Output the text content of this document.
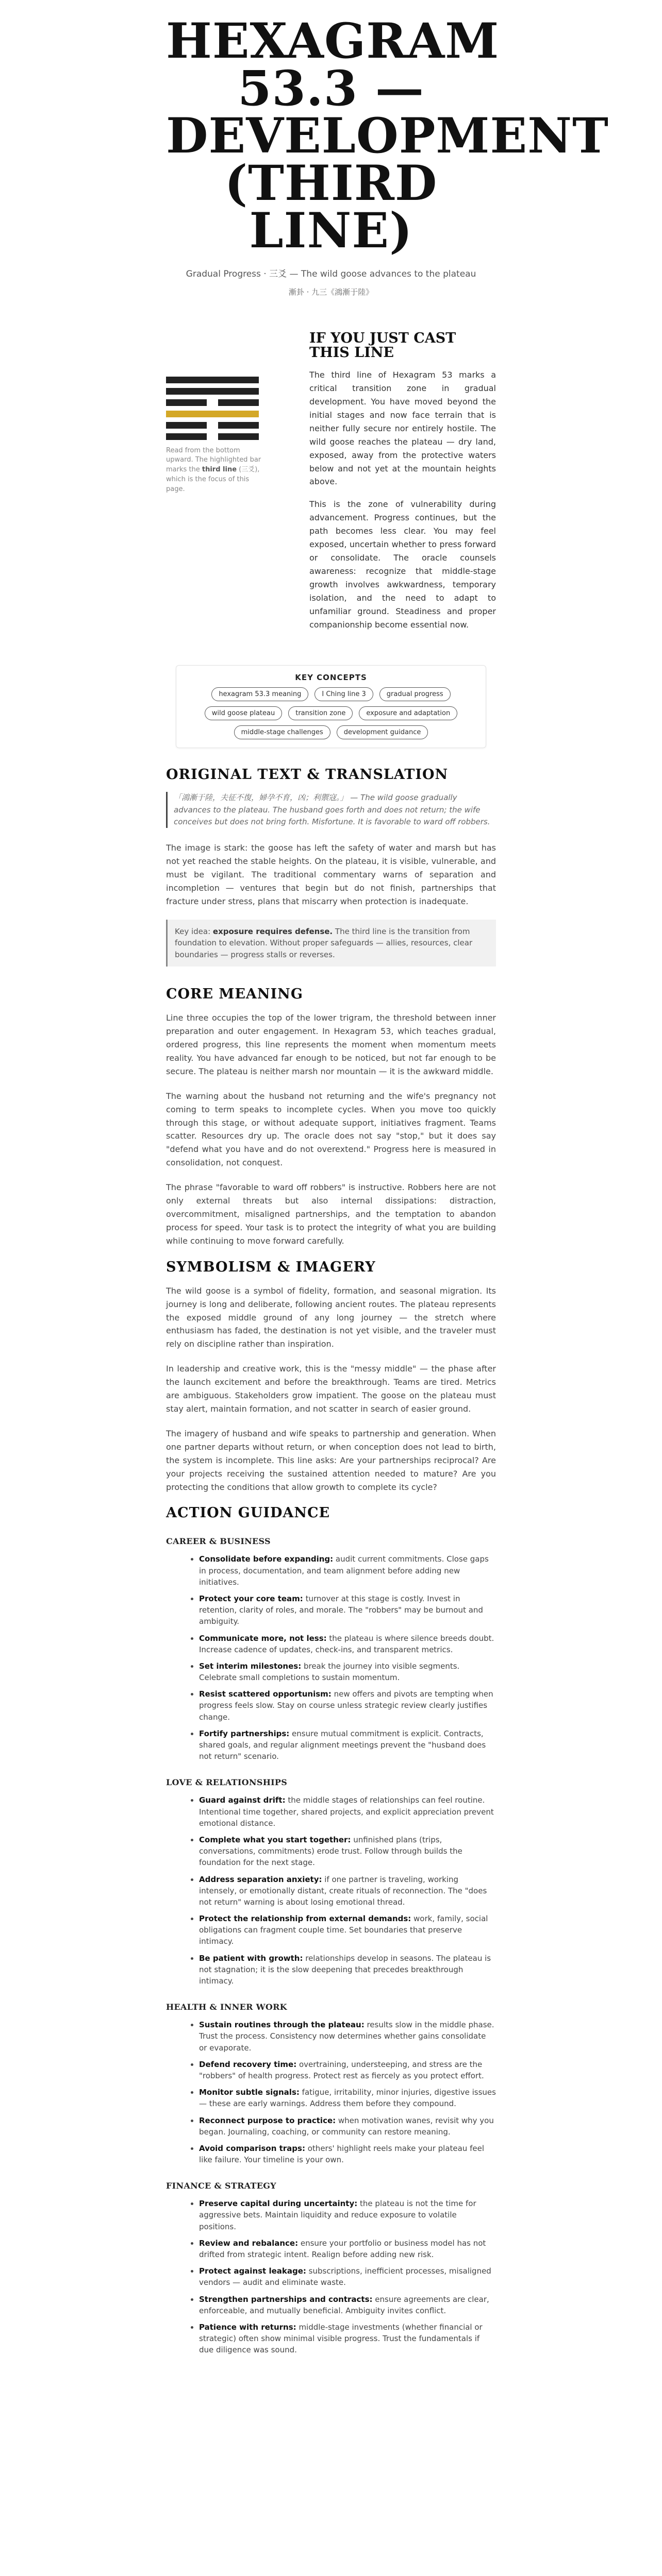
HEXAGRAM 53.3 — DEVELOPMENT (THIRD LINE)
Gradual Progress · 三爻 — The wild goose advances to the plateau
漸卦 · 九三《鴻漸于陸》
Read from the bottom upward. The highlighted bar marks the third line (三爻), which is the focus of this page.
IF YOU JUST CAST THIS LINE

The third line of Hexagram 53 marks a critical transition zone in gradual development. You have moved beyond the initial stages and now face terrain that is neither fully secure nor entirely hostile. The wild goose reaches the plateau — dry land, exposed, away from the protective waters below and not yet at the mountain heights above.

This is the zone of vulnerability during advancement. Progress continues, but the path becomes less clear. You may feel exposed, uncertain whether to press forward or consolidate. The oracle counsels awareness: recognize that middle-stage growth involves awkwardness, temporary isolation, and the need to adapt to unfamiliar ground. Steadiness and proper companionship become essential now.

KEY CONCEPTS
hexagram 53.3 meaning	I Ching line 3	gradual progress
wild goose plateau	transition zone	exposure and adaptation
middle-stage challenges	development guidance
ORIGINAL TEXT & TRANSLATION
「鴻漸于陸，夫征不復，婦孕不育，凶；利禦寇。」 — The wild goose gradually advances to the plateau. The husband goes forth and does not return; the wife conceives but does not bring forth. Misfortune. It is favorable to ward off robbers.

The image is stark: the goose has left the safety of water and marsh but has not yet reached the stable heights. On the plateau, it is visible, vulnerable, and must be vigilant. The traditional commentary warns of separation and incompletion — ventures that begin but do not finish, partnerships that fracture under stress, plans that miscarry when protection is inadequate.

Key idea: exposure requires defense. The third line is the transition from foundation to elevation. Without proper safeguards — allies, resources, clear boundaries — progress stalls or reverses.
CORE MEANING

Line three occupies the top of the lower trigram, the threshold between inner preparation and outer engagement. In Hexagram 53, which teaches gradual, ordered progress, this line represents the moment when momentum meets reality. You have advanced far enough to be noticed, but not far enough to be secure. The plateau is neither marsh nor mountain — it is the awkward middle.

The warning about the husband not returning and the wife's pregnancy not coming to term speaks to incomplete cycles. When you move too quickly through this stage, or without adequate support, initiatives fragment. Teams scatter. Resources dry up. The oracle does not say "stop," but it does say "defend what you have and do not overextend." Progress here is measured in consolidation, not conquest.

The phrase "favorable to ward off robbers" is instructive. Robbers here are not only external threats but also internal dissipations: distraction, overcommitment, misaligned partnerships, and the temptation to abandon process for speed. Your task is to protect the integrity of what you are building while continuing to move forward carefully.

SYMBOLISM & IMAGERY

The wild goose is a symbol of fidelity, formation, and seasonal migration. Its journey is long and deliberate, following ancient routes. The plateau represents the exposed middle ground of any long journey — the stretch where enthusiasm has faded, the destination is not yet visible, and the traveler must rely on discipline rather than inspiration.

In leadership and creative work, this is the "messy middle" — the phase after the launch excitement and before the breakthrough. Teams are tired. Metrics are ambiguous. Stakeholders grow impatient. The goose on the plateau must stay alert, maintain formation, and not scatter in search of easier ground.

The imagery of husband and wife speaks to partnership and generation. When one partner departs without return, or when conception does not lead to birth, the system is incomplete. This line asks: Are your partnerships reciprocal? Are your projects receiving the sustained attention needed to mature? Are you protecting the conditions that allow growth to complete its cycle?

ACTION GUIDANCE
CAREER & BUSINESS
• Consolidate before expanding: audit current commitments. Close gaps in process, documentation, and team alignment before adding new initiatives.
• Protect your core team: turnover at this stage is costly. Invest in retention, clarity of roles, and morale. The "robbers" may be burnout and ambiguity.
• Communicate more, not less: the plateau is where silence breeds doubt. Increase cadence of updates, check-ins, and transparent metrics.
• Set interim milestones: break the journey into visible segments. Celebrate small completions to sustain momentum.
• Resist scattered opportunism: new offers and pivots are tempting when progress feels slow. Stay on course unless strategic review clearly justifies change.
• Fortify partnerships: ensure mutual commitment is explicit. Contracts, shared goals, and regular alignment meetings prevent the "husband does not return" scenario.
LOVE & RELATIONSHIPS
• Guard against drift: the middle stages of relationships can feel routine. Intentional time together, shared projects, and explicit appreciation prevent emotional distance.
• Complete what you start together: unfinished plans (trips, conversations, commitments) erode trust. Follow through builds the foundation for the next stage.
• Address separation anxiety: if one partner is traveling, working intensely, or emotionally distant, create rituals of reconnection. The "does not return" warning is about losing emotional thread.
• Protect the relationship from external demands: work, family, social obligations can fragment couple time. Set boundaries that preserve intimacy.
• Be patient with growth: relationships develop in seasons. The plateau is not stagnation; it is the slow deepening that precedes breakthrough intimacy.
HEALTH & INNER WORK
• Sustain routines through the plateau: results slow in the middle phase. Trust the process. Consistency now determines whether gains consolidate or evaporate.
• Defend recovery time: overtraining, understeeping, and stress are the "robbers" of health progress. Protect rest as fiercely as you protect effort.
• Monitor subtle signals: fatigue, irritability, minor injuries, digestive issues — these are early warnings. Address them before they compound.
• Reconnect purpose to practice: when motivation wanes, revisit why you began. Journaling, coaching, or community can restore meaning.
• Avoid comparison traps: others' highlight reels make your plateau feel like failure. Your timeline is your own.
FINANCE & STRATEGY
• Preserve capital during uncertainty: the plateau is not the time for aggressive bets. Maintain liquidity and reduce exposure to volatile positions.
• Review and rebalance: ensure your portfolio or business model has not drifted from strategic intent. Realign before adding new risk.
• Protect against leakage: subscriptions, inefficient processes, misaligned vendors — audit and eliminate waste.
• Strengthen partnerships and contracts: ensure agreements are clear, enforceable, and mutually beneficial. Ambiguity invites conflict.
• Patience with returns: middle-stage investments (whether financial or strategic) often show minimal visible progress. Trust the fundamentals if due diligence was sound.
